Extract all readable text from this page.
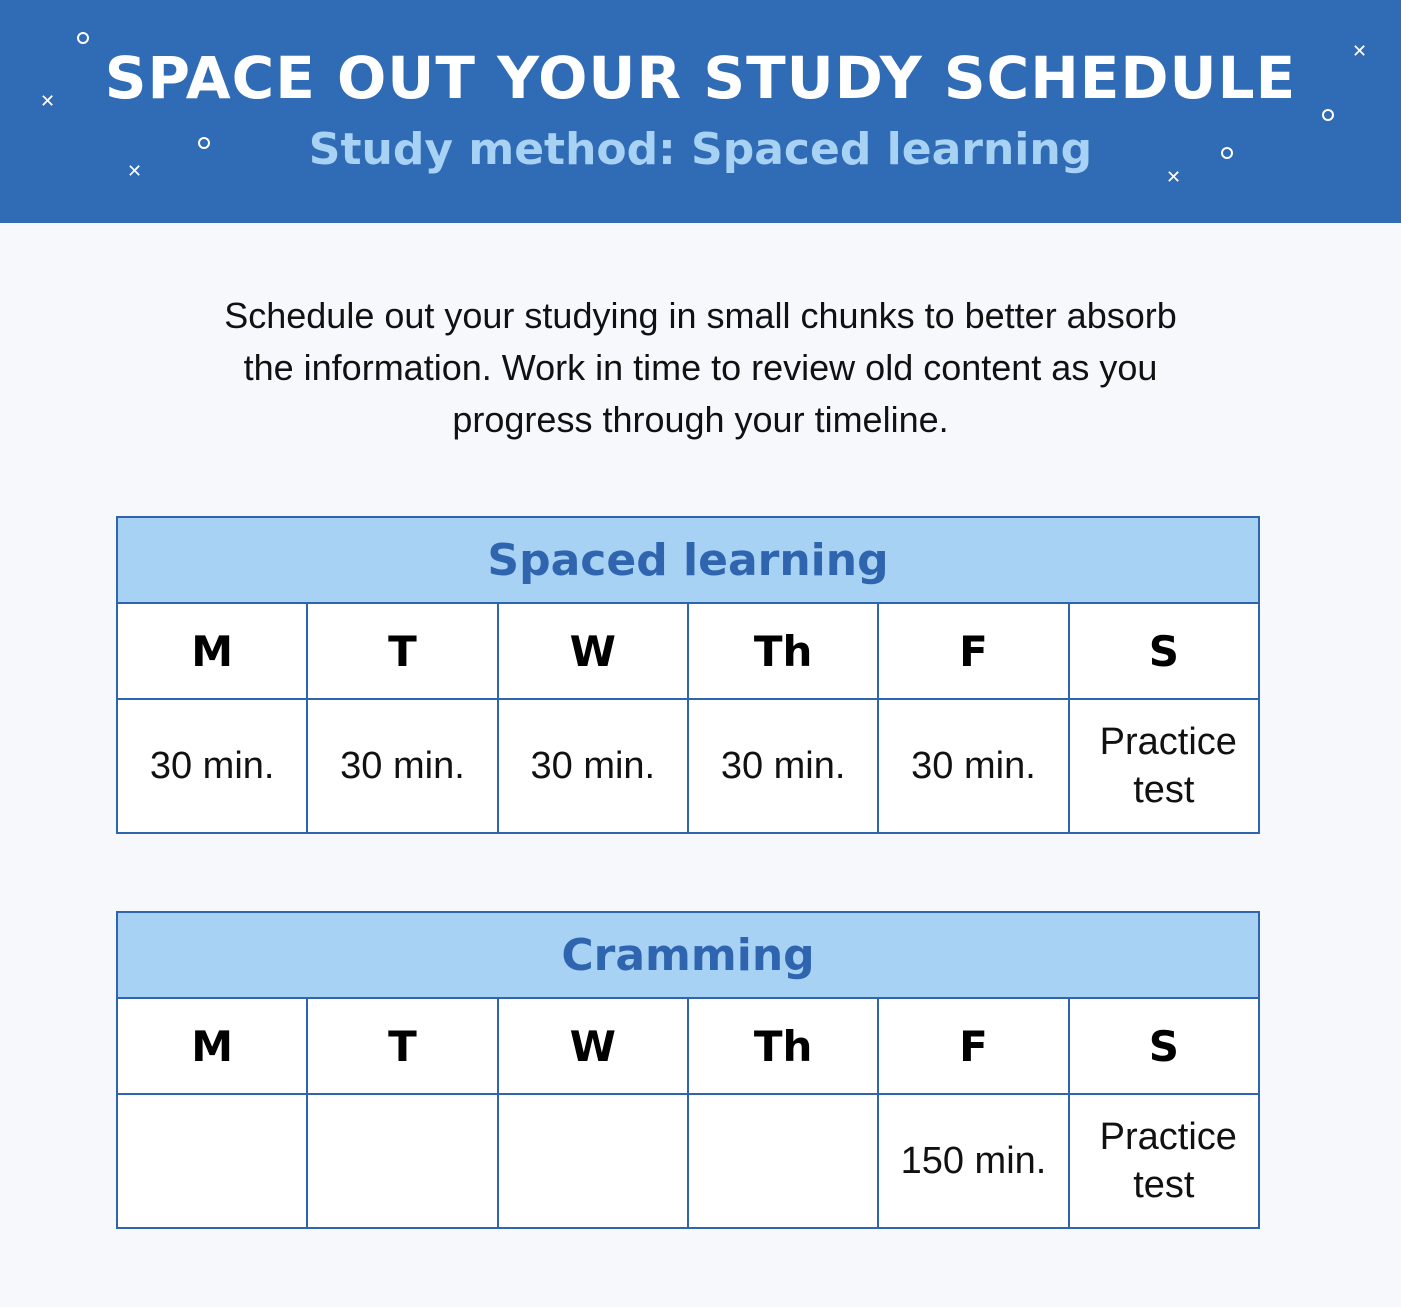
✕
✕
✕
✕
SPACE OUT YOUR STUDY SCHEDULE
Study method: Spaced learning

Schedule out your studying in small chunks to better absorb the information. Work in time to review old content as you progress through your timeline.

Spaced learning					
M	T	W	Th	F	S
30 min.	30 min.	30 min.	30 min.	30 min.	Practice test
Cramming					
M	T	W	Th	F	S
				150 min.	Practice test
